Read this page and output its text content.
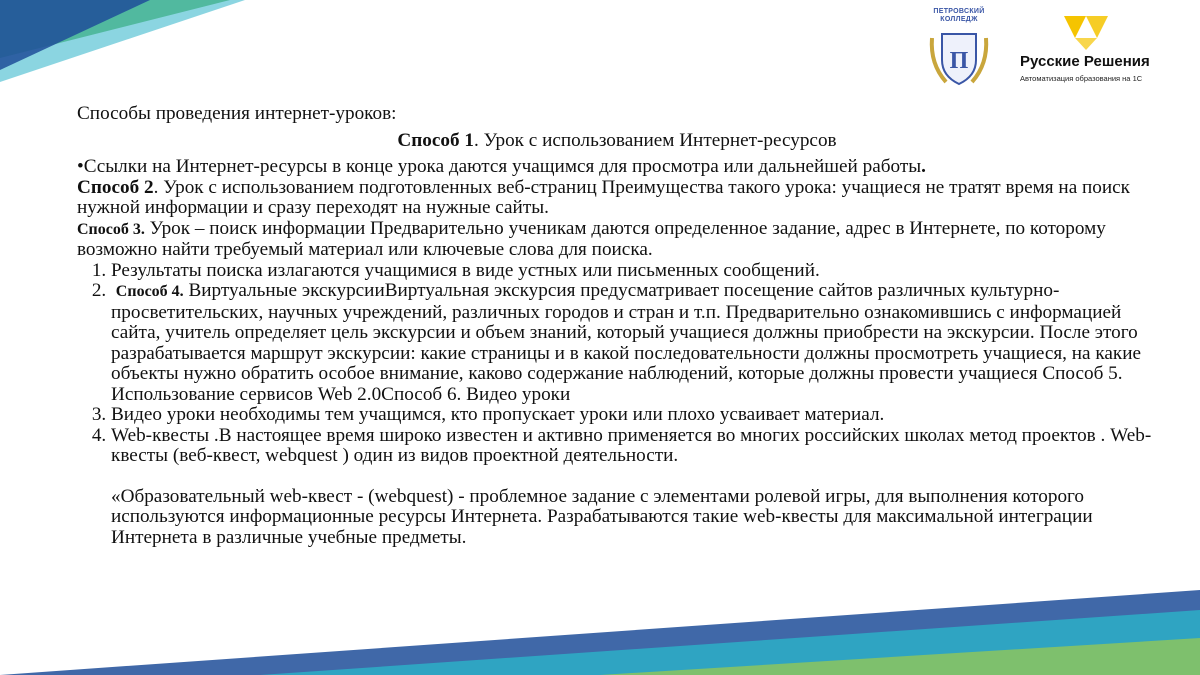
ПЕТРОВСКИЙ
КОЛЛЕДЖ
П	Русские Решения
Автоматизация образования на 1С

Способы проведения интернет-уроков:

Способ 1. Урок с использованием Интернет-ресурсов

•Ссылки на Интернет-ресурсы в конце урока даются учащимся для просмотра или дальнейшей работы.

Способ 2. Урок с использованием подготовленных веб-страниц Преимущества такого урока: учащиеся не тратят время на поиск нужной информации и сразу переходят на нужные сайты.

Способ 3. Урок – поиск информации Предварительно ученикам даются определенное задание, адрес в Интернете, по которому возможно найти требуемый материал или ключевые слова для поиска.

1. Результаты поиска излагаются учащимися в виде устных или письменных сообщений.
2. Способ 4. Виртуальные экскурсииВиртуальная экскурсия предусматривает посещение сайтов различных культурно-просветительских, научных учреждений, различных городов и стран и т.п. Предварительно ознакомившись с информацией сайта, учитель определяет цель экскурсии и объем знаний, который учащиеся должны приобрести на экскурсии. После этого разрабатывается маршрут экскурсии: какие страницы и в какой последовательности должны просмотреть учащиеся, на какие объекты нужно обратить особое внимание, каково содержание наблюдений, которые должны провести учащиеся Способ 5. Использование сервисов Web 2.0Способ 6. Видео уроки
3. Видео уроки необходимы тем учащимся, кто пропускает уроки или плохо усваивает материал.
4. Web-квесты .В настоящее время широко известен и активно применяется во многих российских школах метод проектов . Web-квесты (веб-квест, webquest ) один из видов проектной деятельности.

«Образовательный web-квест - (webquest) - проблемное задание с элементами ролевой игры, для выполнения которого используются информационные ресурсы Интернета. Разрабатываются такие web-квесты для максимальной интеграции Интернета в различные учебные предметы.
